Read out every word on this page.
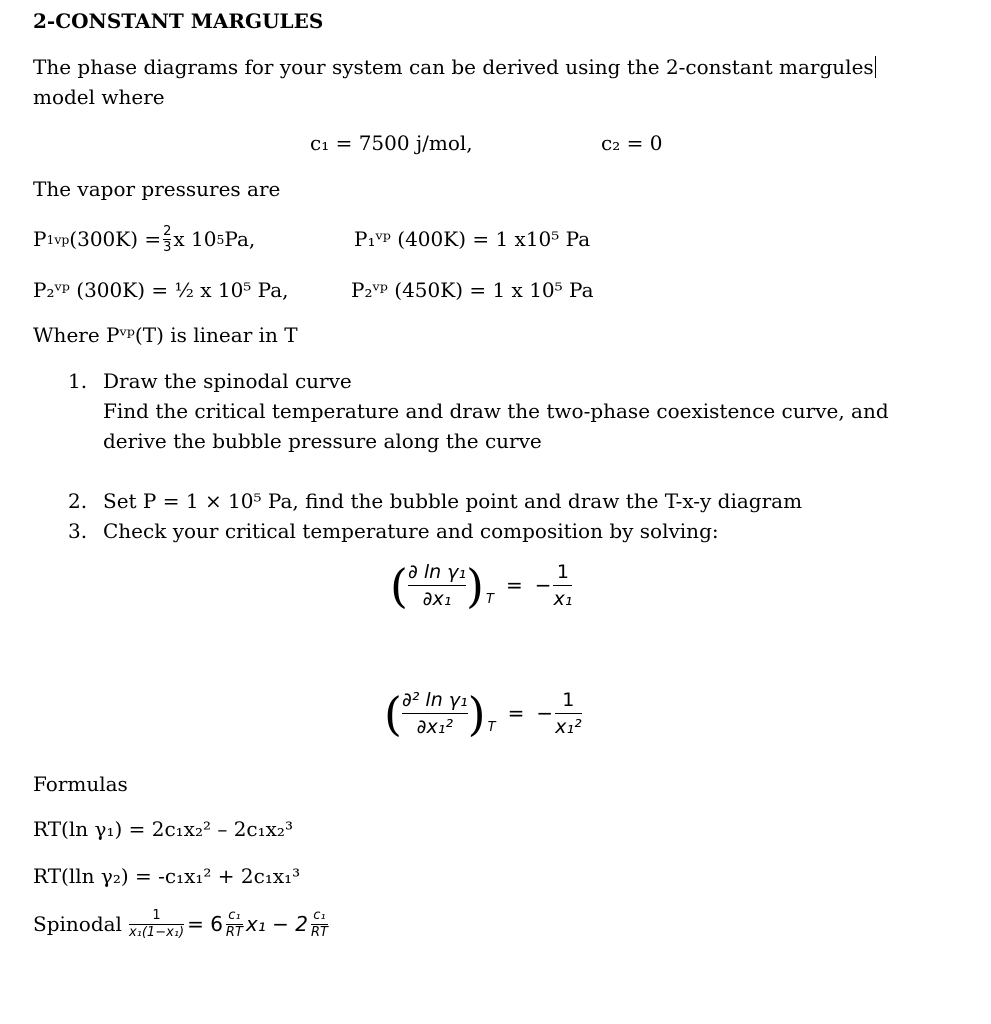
2-CONSTANT MARGULES
The phase diagrams for your system can be derived using the 2-constant margules
model where
c₁ = 7500 j/mol,	c₂ = 0
The vapor pressures are
P 1 vp $(300K) = \frac{2}{3}$ x 10 5 Pa,	P₁ᵛᵖ (400K) = 1 x10⁵ Pa
P₂ᵛᵖ (300K) = ½ x 10⁵ Pa,	P₂ᵛᵖ (450K) = 1 x 10⁵ Pa
Where Pᵛᵖ(T) is linear in T
1. Draw the spinodal curve
Find the critical temperature and draw the two-phase coexistence curve, and
derive the bubble pressure along the curve
2. Set P = 1 × 10⁵ Pa, find the bubble point and draw the T-x-y diagram
3. Check your critical temperature and composition by solving:
( ∂ ln γ₁
∂x₁ ) T
= −
1
x₁
( ∂² ln γ₁
∂x₁² ) T
= −
1
x₁²
Formulas
RT(ln γ₁) = 2c₁x₂² – 2c₁x₂³
RT(lln γ₂) = -c₁x₁² + 2c₁x₁³
Spinodal 1
x₁(1−x₁) = 6 c₁
RT x₁ − 2 c₁
RT
